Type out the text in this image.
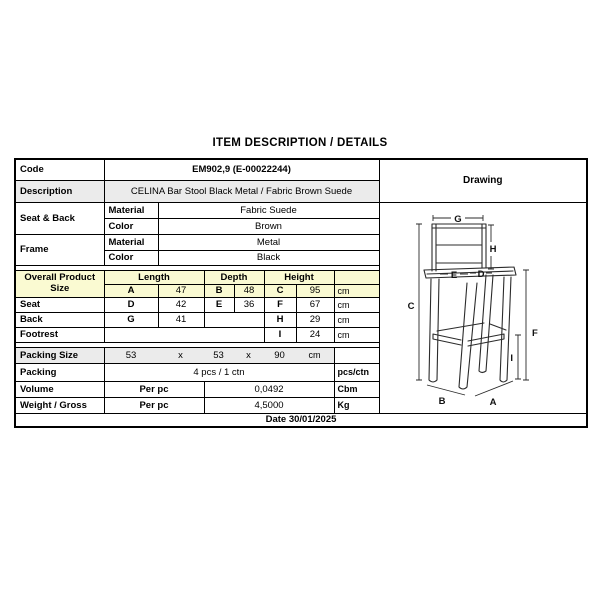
ITEM DESCRIPTION / DETAILS
Code	EM902,9 (E-00022244)							Drawing
Description	CELINA Bar Stool Black Metal / Fabric Brown Suede							
Seat & Back	Material	Fabric Suede	
G
H
C
E D
F
I
B	A

	Color	Brown						
Frame	Material	Metal						
	Color	Black						

Overall Product Size	Length		Depth		Height			
	A	47	B	48	C	95	cm	
Seat	D	42	E	36	F	67	cm	
Back	G	41			H	29	cm	
Footrest					I	24	cm	

Packing Size	53	x	53	x	90	cm

Packing	4 pcs / 1 ctn						pcs/ctn	
Volume	Per pc		0,0492				Cbm	
Weight / Gross	Per pc		4,5000				Kg	
Date 30/01/2025								
